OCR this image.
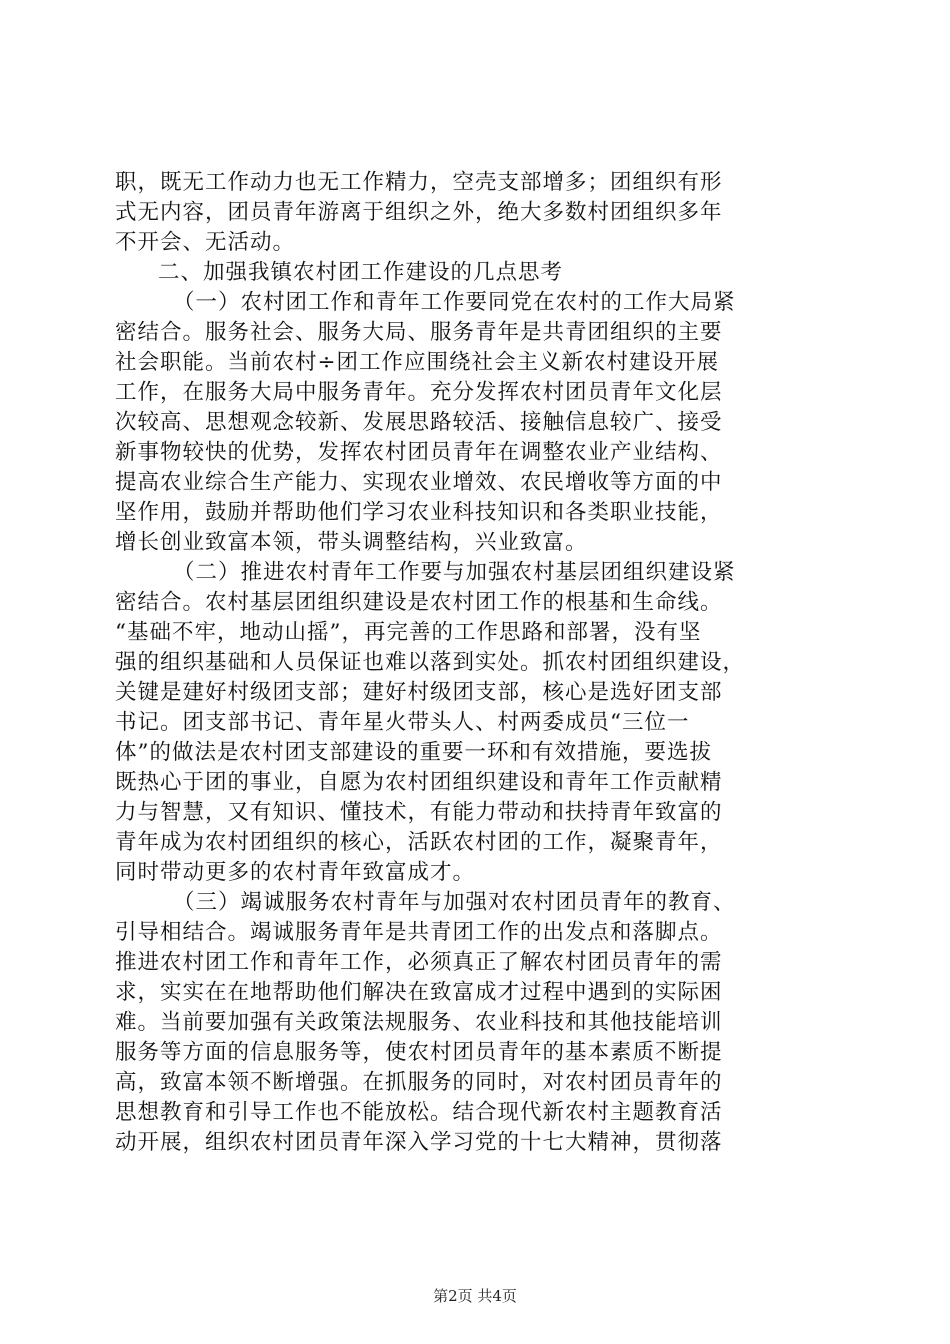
职，既无工作动力也无工作精力，空壳支部增多；团组织有形
式无内容，团员青年游离于组织之外，绝大多数村团组织多年
不开会、无活动。
二、加强我镇农村团工作建设的几点思考
（一）农村团工作和青年工作要同党在农村的工作大局紧
密结合。服务社会、服务大局、服务青年是共青团组织的主要
社会职能。当前农村÷团工作应围绕社会主义新农村建设开展
工作，在服务大局中服务青年。充分发挥农村团员青年文化层
次较高、思想观念较新、发展思路较活、接触信息较广、接受
新事物较快的优势，发挥农村团员青年在调整农业产业结构、
提高农业综合生产能力、实现农业增效、农民增收等方面的中
坚作用，鼓励并帮助他们学习农业科技知识和各类职业技能，
增长创业致富本领，带头调整结构，兴业致富。
（二）推进农村青年工作要与加强农村基层团组织建设紧
密结合。农村基层团组织建设是农村团工作的根基和生命线。
“基础不牢，地动山摇”，再完善的工作思路和部署，没有坚
强的组织基础和人员保证也难以落到实处。抓农村团组织建设，
关键是建好村级团支部；建好村级团支部，核心是选好团支部
书记。团支部书记、青年星火带头人、村两委成员“三位一
体”的做法是农村团支部建设的重要一环和有效措施，要选拔
既热心于团的事业，自愿为农村团组织建设和青年工作贡献精
力与智慧，又有知识、懂技术，有能力带动和扶持青年致富的
青年成为农村团组织的核心，活跃农村团的工作，凝聚青年，
同时带动更多的农村青年致富成才。
（三）竭诚服务农村青年与加强对农村团员青年的教育、
引导相结合。竭诚服务青年是共青团工作的出发点和落脚点。
推进农村团工作和青年工作，必须真正了解农村团员青年的需
求，实实在在地帮助他们解决在致富成才过程中遇到的实际困
难。当前要加强有关政策法规服务、农业科技和其他技能培训
服务等方面的信息服务等，使农村团员青年的基本素质不断提
高，致富本领不断增强。在抓服务的同时，对农村团员青年的
思想教育和引导工作也不能放松。结合现代新农村主题教育活
动开展，组织农村团员青年深入学习党的十七大精神，贯彻落
第2页 共4页
